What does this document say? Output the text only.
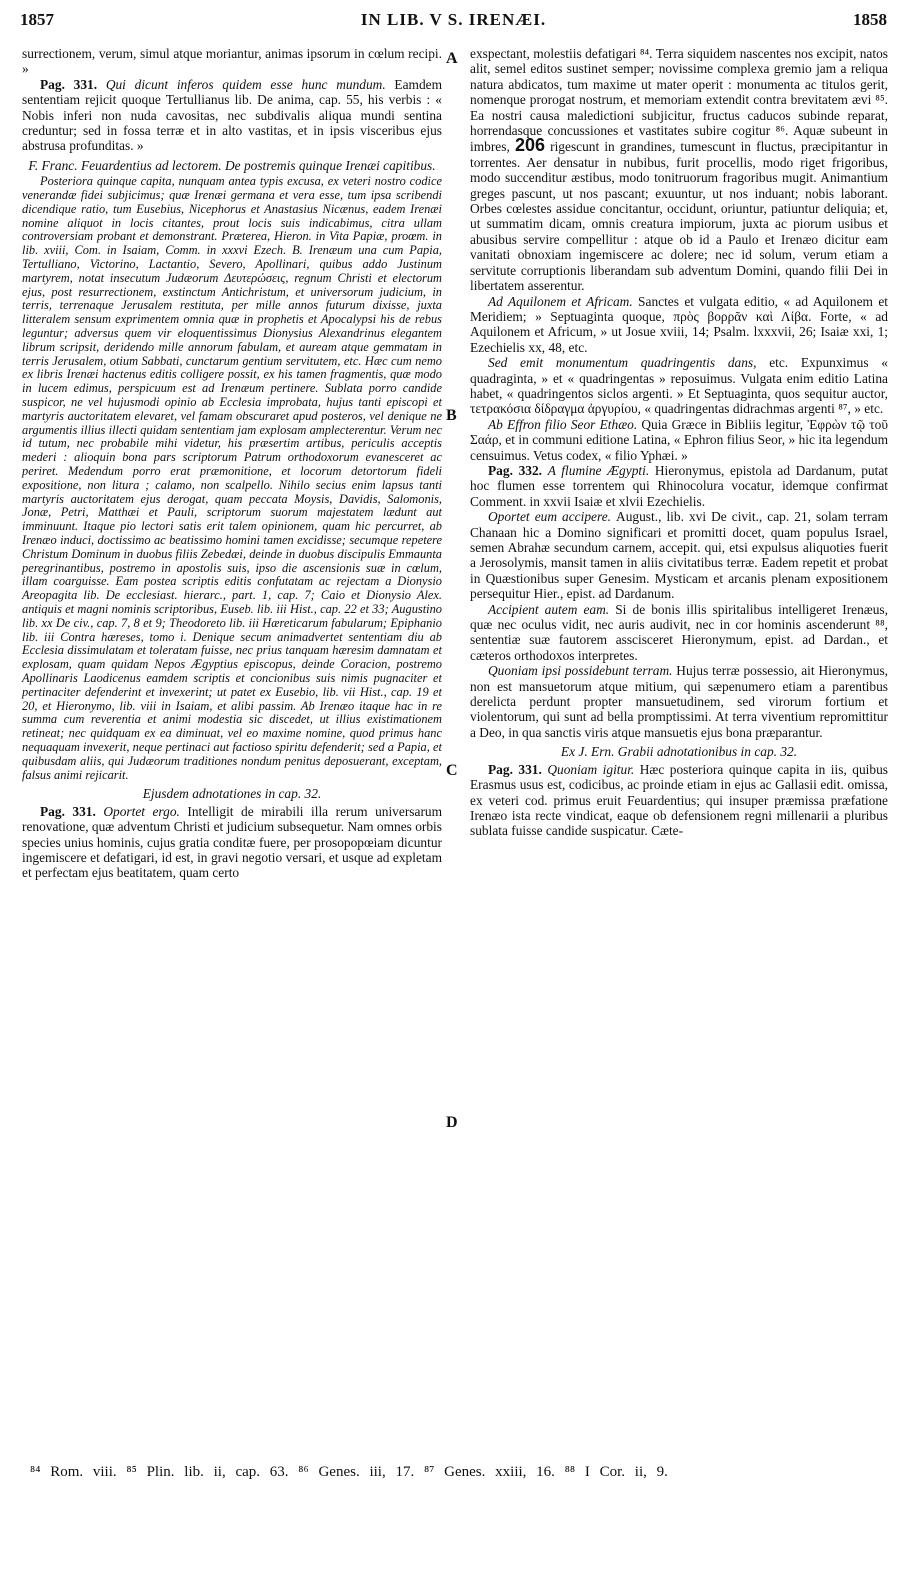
1857	IN LIB. V S. IRENÆI.	1858
A
B
C
D

surrectionem, verum, simul atque moriantur, animas ipsorum in cœlum recipi. »

Pag. 331. Qui dicunt inferos quidem esse hunc mundum. Eamdem sententiam rejicit quoque Tertullianus lib. De anima, cap. 55, his verbis : « Nobis inferi non nuda cavositas, nec subdivalis aliqua mundi sentina creduntur; sed in fossa terræ et in alto vastitas, et in ipsis visceribus ejus abstrusa profunditas. »

F. Franc. Feuardentius ad lectorem. De postremis quinque Irenæi capitibus.

Posteriora quinque capita, nunquam antea typis excusa, ex veteri nostro codice venerandæ fidei subjicimus; quæ Irenæi germana et vera esse, tum ipsa scribendi dicendique ratio, tum Eusebius, Nicephorus et Anastasius Nicænus, eadem Irenæi nomine aliquot in locis citantes, prout locis suis indicabimus, citra ullam controversiam probant et demonstrant. Præterea, Hieron. in Vita Papiæ, proœm. in lib. xviii, Com. in Isaiam, Comm. in xxxvi Ezech. B. Irenæum una cum Papia, Tertulliano, Victorino, Lactantio, Severo, Apollinari, quibus addo Justinum martyrem, notat insecutum Judæorum Δευτερώσεις, regnum Christi et electorum ejus, post resurrectionem, exstinctum Antichristum, et universorum judicium, in terris, terrenaque Jerusalem restituta, per mille annos futurum dixisse, juxta litteralem sensum exprimentem omnia quæ in prophetis et Apocalypsi his de rebus leguntur; adversus quem vir eloquentissimus Dionysius Alexandrinus elegantem librum scripsit, deridendo mille annorum fabulam, et auream atque gemmatam in terris Jerusalem, otium Sabbati, cunctarum gentium servitutem, etc. Hæc cum nemo ex libris Irenæi hactenus editis colligere possit, ex his tamen fragmentis, quæ modo in lucem edimus, perspicuum est ad Irenæum pertinere. Sublata porro candide suspicor, ne vel hujusmodi opinio ab Ecclesia improbata, hujus tanti episcopi et martyris auctoritatem elevaret, vel famam obscuraret apud posteros, vel denique ne argumentis illius illecti quidam sententiam jam explosam amplecterentur. Verum nec id tutum, nec probabile mihi videtur, his præsertim artibus, periculis acceptis mederi : alioquin bona pars scriptorum Patrum orthodoxorum evanesceret ac periret. Medendum porro erat præmonitione, et locorum detortorum fideli expositione, non litura ; calamo, non scalpello. Nihilo secius enim lapsus tanti martyris auctoritatem ejus derogat, quam peccata Moysis, Davidis, Salomonis, Jonæ, Petri, Matthæi et Pauli, scriptorum suorum majestatem lædunt aut imminuunt. Itaque pio lectori satis erit talem opinionem, quam hic percurret, ab Irenæo induci, doctissimo ac beatissimo homini tamen excidisse; secumque repetere Christum Dominum in duobus filiis Zebedæi, deinde in duobus discipulis Emmaunta peregrinantibus, postremo in apostolis suis, ipso die ascensionis suæ in cœlum, illam coarguisse. Eam postea scriptis editis confutatam ac rejectam a Dionysio Areopagita lib. De ecclesiast. hierarc., part. 1, cap. 7; Caio et Dionysio Alex. antiquis et magni nominis scriptoribus, Euseb. lib. iii Hist., cap. 22 et 33; Augustino lib. xx De civ., cap. 7, 8 et 9; Theodoreto lib. iii Hæreticarum fabularum; Epiphanio lib. iii Contra hæreses, tomo i. Denique secum animadvertet sententiam diu ab Ecclesia dissimulatam et toleratam fuisse, nec prius tanquam hæresim damnatam et explosam, quam quidam Nepos Ægyptius episcopus, deinde Coracion, postremo Apollinaris Laodicenus eamdem scriptis et concionibus suis nimis pugnaciter et pertinaciter defenderint et invexerint; ut patet ex Eusebio, lib. vii Hist., cap. 19 et 20, et Hieronymo, lib. viii in Isaiam, et alibi passim. Ab Irenæo itaque hac in re summa cum reverentia et animi modestia sic discedet, ut illius existimationem retineat; nec quidquam ex ea diminuat, vel eo maxime nomine, quod primus hanc nequaquam invexerit, neque pertinaci aut factioso spiritu defenderit; sed a Papia, et quibusdam aliis, qui Judæorum traditiones nondum penitus deposuerant, exceptam, falsus animi rejicarit.

Ejusdem adnotationes in cap. 32.

Pag. 331. Oportet ergo. Intelligit de mirabili illa rerum universarum renovatione, quæ adventum Christi et judicium subsequetur. Nam omnes orbis species unius hominis, cujus gratia conditæ fuere, per prosopopœiam dicuntur ingemiscere et defatigari, id est, in gravi negotio versari, et usque ad expletam et perfectam ejus beatitatem, quam certo

exspectant, molestiis defatigari ⁸⁴. Terra siquidem nascentes nos excipit, natos alit, semel editos sustinet semper; novissime complexa gremio jam a reliqua natura abdicatos, tum maxime ut mater operit : monumenta ac titulos gerit, nomenque prorogat nostrum, et memoriam extendit contra brevitatem ævi ⁸⁵. Ea nostri causa maledictioni subjicitur, fructus caducos subinde reparat, horrendasque concussiones et vastitates subire cogitur ⁸⁶. Aquæ subeunt in imbres, 206 rigescunt in grandines, tumescunt in fluctus, præcipitantur in torrentes. Aer densatur in nubibus, furit procellis, modo riget frigoribus, modo succenditur æstibus, modo tonitruorum fragoribus mugit. Animantium greges pascunt, ut nos pascant; exuuntur, ut nos induant; nobis laborant. Orbes cœlestes assidue concitantur, occidunt, oriuntur, patiuntur deliquia; et, ut summatim dicam, omnis creatura impiorum, juxta ac piorum usibus et abusibus servire compellitur : atque ob id a Paulo et Irenæo dicitur eam vanitati obnoxiam ingemiscere ac dolere; nec id solum, verum etiam a servitute corruptionis liberandam sub adventum Domini, quando filii Dei in libertatem asserentur.

Ad Aquilonem et Africam. Sanctes et vulgata editio, « ad Aquilonem et Meridiem; » Septuaginta quoque, πρὸς βορρᾶν καὶ Λίβα. Forte, « ad Aquilonem et Africum, » ut Josue xviii, 14; Psalm. lxxxvii, 26; Isaiæ xxi, 1; Ezechielis xx, 48, etc.

Sed emit monumentum quadringentis dans, etc. Expunximus « quadraginta, » et « quadringentas » reposuimus. Vulgata enim editio Latina habet, « quadringentos siclos argenti. » Et Septuaginta, quos sequitur auctor, τετρακόσια δίδραγμα ἀργυρίου, « quadringentas didrachmas argenti ⁸⁷, » etc.

Ab Effron filio Seor Ethæo. Quia Græce in Bibliis legitur, Ἐφρὼν τῷ τοῦ Σαάρ, et in communi editione Latina, « Ephron filius Seor, » hic ita legendum censuimus. Vetus codex, « filio Yphæi. »

Pag. 332. A flumine Ægypti. Hieronymus, epistola ad Dardanum, putat hoc flumen esse torrentem qui Rhinocolura vocatur, idemque confirmat Comment. in xxvii Isaiæ et xlvii Ezechielis.

Oportet eum accipere. August., lib. xvi De civit., cap. 21, solam terram Chanaan hic a Domino significari et promitti docet, quam populus Israel, semen Abrahæ secundum carnem, accepit. qui, etsi expulsus aliquoties fuerit a Jerosolymis, mansit tamen in aliis civitatibus terræ. Eadem repetit et probat in Quæstionibus super Genesim. Mysticam et arcanis plenam expositionem persequitur Hier., epist. ad Dardanum.

Accipient autem eam. Si de bonis illis spiritalibus intelligeret Irenæus, quæ nec oculus vidit, nec auris audivit, nec in cor hominis ascenderunt ⁸⁸, sententiæ suæ fautorem asscisceret Hieronymum, epist. ad Dardan., et cæteros orthodoxos interpretes.

Quoniam ipsi possidebunt terram. Hujus terræ possessio, ait Hieronymus, non est mansuetorum atque mitium, qui sæpenumero etiam a parentibus derelicta perdunt propter mansuetudinem, sed virorum fortium et violentorum, qui sunt ad bella promptissimi. At terra viventium repromittitur a Deo, in qua sanctis viris atque mansuetis ejus bona præparantur.

Ex J. Ern. Grabii adnotationibus in cap. 32.

Pag. 331. Quoniam igitur. Hæc posteriora quinque capita in iis, quibus Erasmus usus est, codicibus, ac proinde etiam in ejus ac Gallasii edit. omissa, ex veteri cod. primus eruit Feuardentius; qui insuper præmissa præfatione Irenæo ista recte vindicat, eaque ob defensionem regni millenarii a pluribus sublata fuisse candide suspicatur. Cæte-

⁸⁴ Rom. viii. ⁸⁵ Plin. lib. ii, cap. 63. ⁸⁶ Genes. iii, 17. ⁸⁷ Genes. xxiii, 16. ⁸⁸ I Cor. ii, 9.
